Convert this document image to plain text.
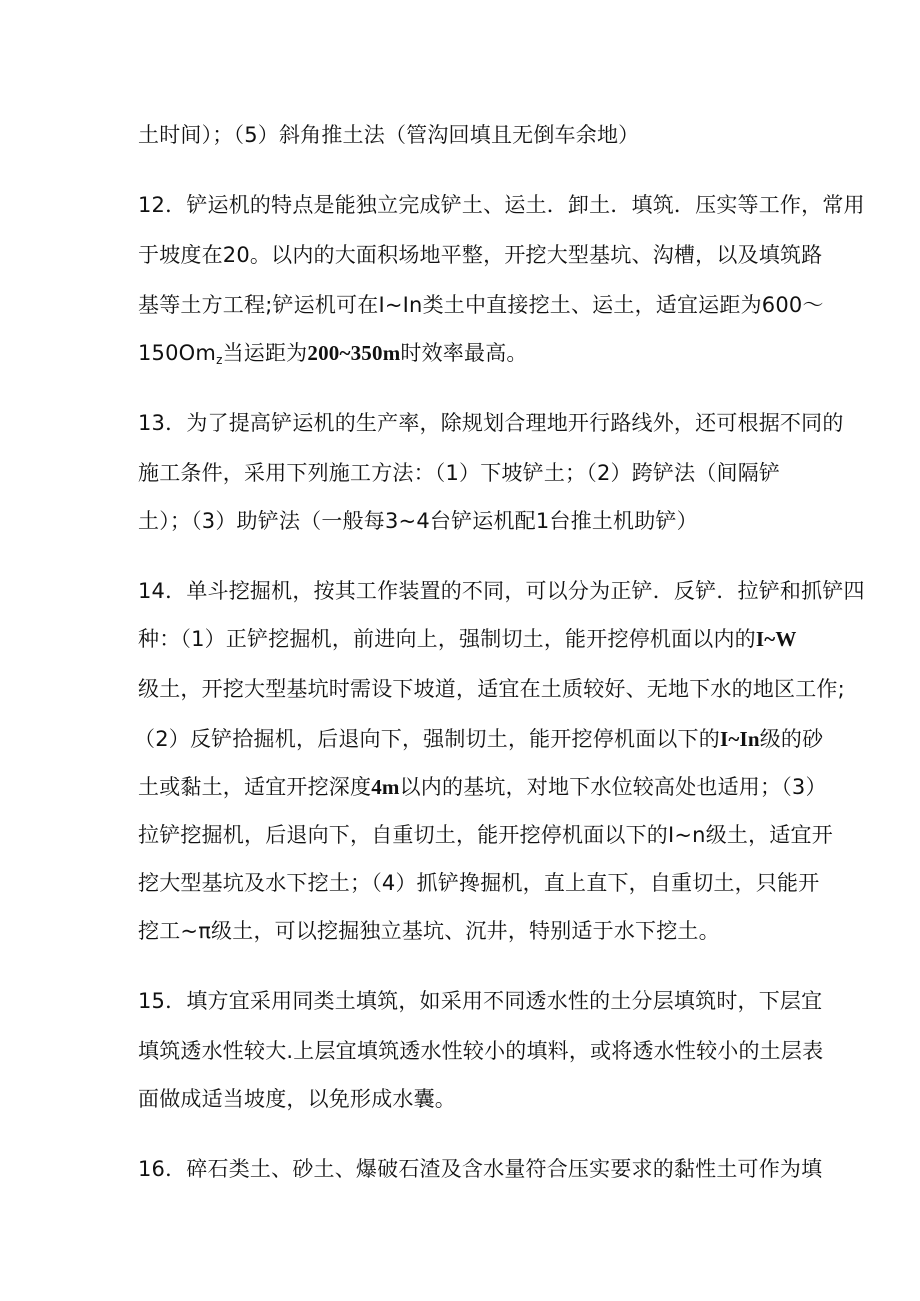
土时间）；（5）斜角推土法（管沟回填且无倒车余地）
12．铲运机的特点是能独立完成铲土、运土．卸土．填筑．压实等工作，常用
于坡度在20。以内的大面积场地平整，开挖大型基坑、沟槽，以及填筑路
基等土方工程;铲运机可在I~In类土中直接挖土、运土，适宜运距为600～
$150Om_z$当运距为200~350m时效率最高。
13．为了提高铲运机的生产率，除规划合理地开行路线外，还可根据不同的
施工条件，采用下列施工方法：（1）下坡铲土；（2）跨铲法（间隔铲
土）；（3）助铲法（一般每3~4台铲运机配1台推土机助铲）
14．单斗挖掘机，按其工作装置的不同，可以分为正铲．反铲．拉铲和抓铲四
种：（1）正铲挖掘机，前进向上，强制切土，能开挖停机面以内的I~W
级土，开挖大型基坑时需设下坡道，适宜在土质较好、无地下水的地区工作;
（2）反铲拾掘机，后退向下，强制切土，能开挖停机面以下的I~In级的砂
土或黏土，适宜开挖深度4m以内的基坑，对地下水位较高处也适用；（3）
拉铲挖掘机，后退向下，自重切土，能开挖停机面以下的I~n级土，适宜开
挖大型基坑及水下挖土；（4）抓铲搀掘机，直上直下，自重切土，只能开
挖工~π级土，可以挖掘独立基坑、沉井，特别适于水下挖土。
15．填方宜采用同类土填筑，如采用不同透水性的土分层填筑时，下层宜
填筑透水性较大.上层宜填筑透水性较小的填料，或将透水性较小的土层表
面做成适当坡度，以免形成水囊。
16．碎石类土、砂土、爆破石渣及含水量符合压实要求的黏性土可作为填
